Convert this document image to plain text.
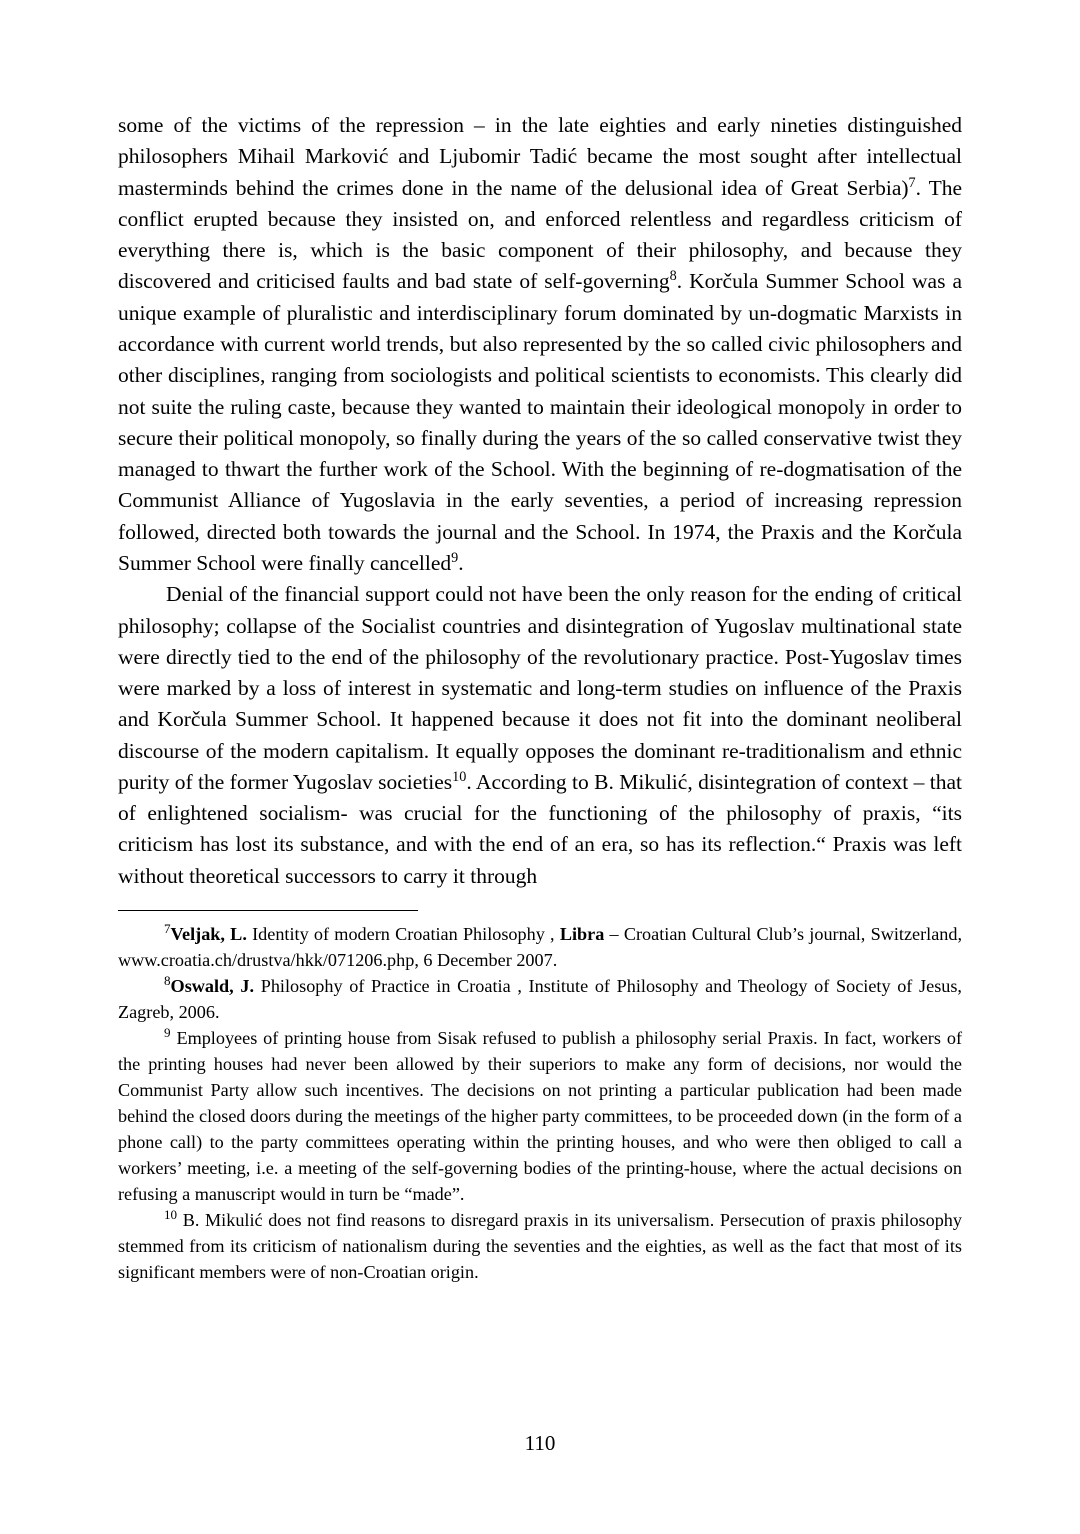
some of the victims of the repression – in the late eighties and early nineties distinguished philosophers Mihail Marković and Ljubomir Tadić became the most sought after intellectual masterminds behind the crimes done in the name of the delusional idea of Great Serbia)$^7$. The conflict erupted because they insisted on, and enforced relentless and regardless criticism of everything there is, which is the basic component of their philosophy, and because they discovered and criticised faults and bad state of self-governing$^8$. Korčula Summer School was a unique example of pluralistic and interdisciplinary forum dominated by un-dogmatic Marxists in accordance with current world trends, but also represented by the so called civic philosophers and other disciplines, ranging from sociologists and political scientists to economists. This clearly did not suite the ruling caste, because they wanted to maintain their ideological monopoly in order to secure their political monopoly, so finally during the years of the so called conservative twist they managed to thwart the further work of the School. With the beginning of re-dogmatisation of the Communist Alliance of Yugoslavia in the early seventies, a period of increasing repression followed, directed both towards the journal and the School. In 1974, the Praxis and the Korčula Summer School were finally cancelled$^9$.

Denial of the financial support could not have been the only reason for the ending of critical philosophy; collapse of the Socialist countries and disintegration of Yugoslav multinational state were directly tied to the end of the philosophy of the revolutionary practice. Post-Yugoslav times were marked by a loss of interest in systematic and long-term studies on influence of the Praxis and Korčula Summer School. It happened because it does not fit into the dominant neoliberal discourse of the modern capitalism. It equally opposes the dominant re-traditionalism and ethnic purity of the former Yugoslav societies$^{10}$. According to B. Mikulić, disintegration of context – that of enlightened socialism- was crucial for the functioning of the philosophy of praxis, “its criticism has lost its substance, and with the end of an era, so has its reflection.“ Praxis was left without theoretical successors to carry it through

$^7$Veljak, L. Identity of modern Croatian Philosophy , Libra – Croatian Cultural Club’s journal, Switzerland, www.croatia.ch/drustva/hkk/071206.php, 6 December 2007.

$^8$Oswald, J. Philosophy of Practice in Croatia , Institute of Philosophy and Theology of Society of Jesus, Zagreb, 2006.

$^9$ Employees of printing house from Sisak refused to publish a philosophy serial Praxis. In fact, workers of the printing houses had never been allowed by their superiors to make any form of decisions, nor would the Communist Party allow such incentives. The decisions on not printing a particular publication had been made behind the closed doors during the meetings of the higher party committees, to be proceeded down (in the form of a phone call) to the party committees operating within the printing houses, and who were then obliged to call a workers’ meeting, i.e. a meeting of the self-governing bodies of the printing-house, where the actual decisions on refusing a manuscript would in turn be “made”.

$^{10}$ B. Mikulić does not find reasons to disregard praxis in its universalism. Persecution of praxis philosophy stemmed from its criticism of nationalism during the seventies and the eighties, as well as the fact that most of its significant members were of non-Croatian origin.

110
